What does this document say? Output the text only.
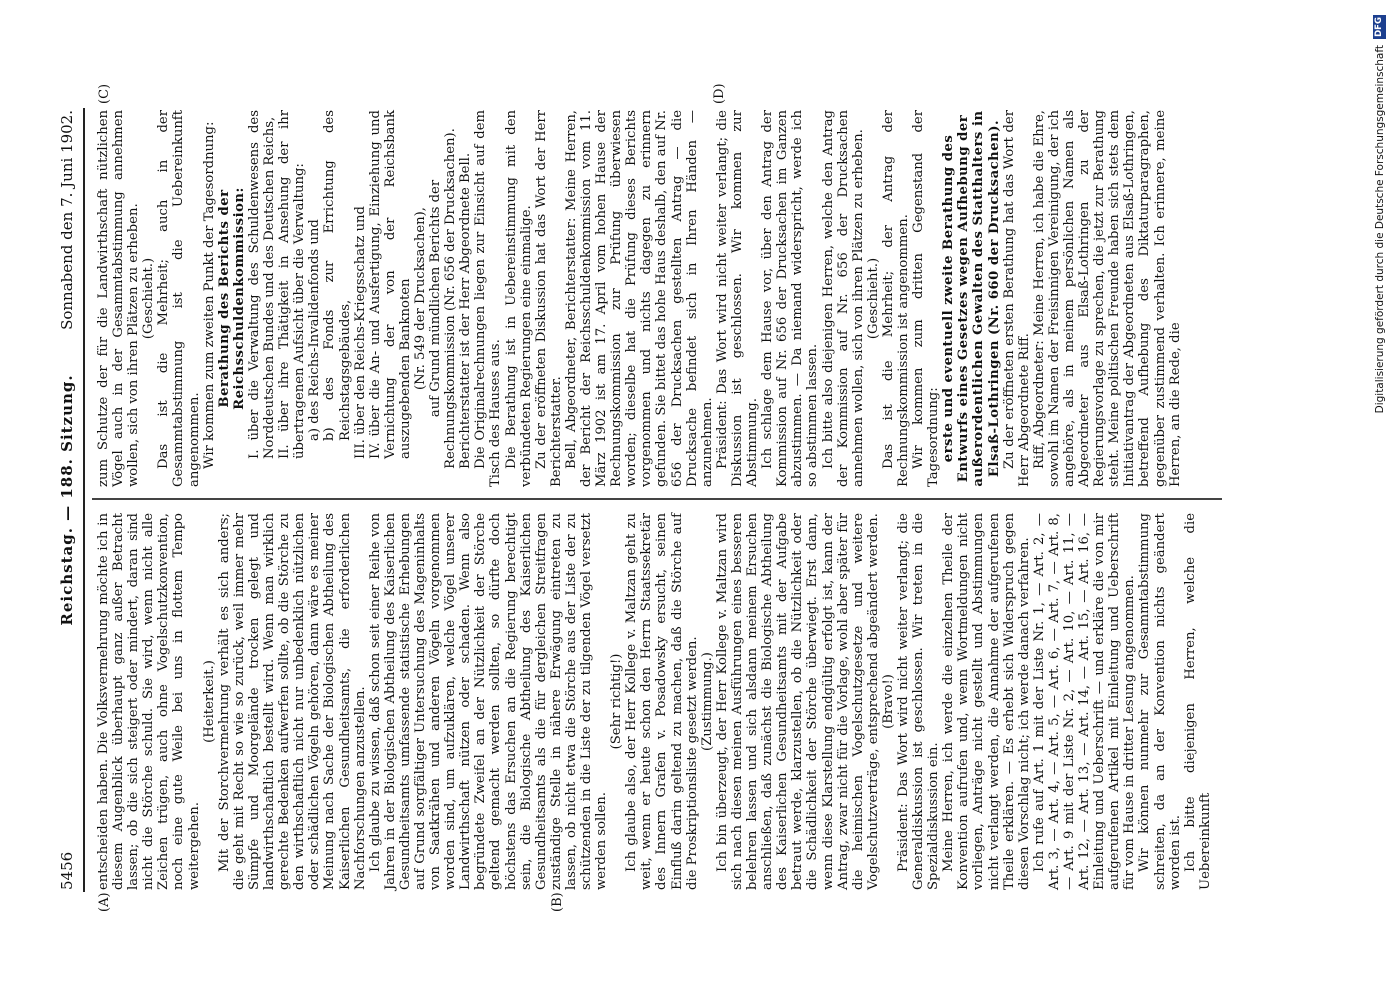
5456
Reichstag. — 188. Sitzung.
Sonnabend den 7. Juni 1902.
(A)	(B)
(C)	(D)

entscheiden haben. Die Volksvermehrung möchte ich in diesem Augenblick überhaupt ganz außer Betracht lassen; ob die sich steigert oder mindert, daran sind nicht die Störche schuld. Sie wird, wenn nicht alle Zeichen trügen, auch ohne Vogelschutzkonvention, noch eine gute Weile bei uns in flottem Tempo weitergehen.

(Heiterkeit.) Mit der Storchvermehrung verhält es sich anders; die geht mit Recht so wie so zurück, weil immer mehr Sümpfe und Moorgelände trocken gelegt und landwirthschaftlich bestellt wird. Wenn man wirklich gerechte Bedenken aufwerfen sollte, ob die Störche zu den wirthschaftlich nicht nur unbedenklich nützlichen oder schädlichen Vögeln gehören, dann wäre es meiner Meinung nach Sache der Biologischen Abtheilung des Kaiserlichen Gesundheitsamts, die erforderlichen Nachforschungen anzustellen. Ich glaube zu wissen, daß schon seit einer Reihe von Jahren in der Biologischen Abtheilung des Kaiserlichen Gesundheitsamts umfassende statistische Erhebungen auf Grund sorgfältiger Untersuchung des Mageninhalts von Saatkrähen und anderen Vögeln vorgenommen worden sind, um aufzuklären, welche Vögel unserer Landwirthschaft nützen oder schaden. Wenn also begründete Zweifel an der Nützlichkeit der Störche geltend gemacht werden sollten, so dürfte doch höchstens das Ersuchen an die Regierung berechtigt sein, die Biologische Abtheilung des Kaiserlichen Gesundheitsamts als die für dergleichen Streitfragen zuständige Stelle in nähere Erwägung eintreten zu lassen, ob nicht etwa die Störche aus der Liste der zu schützenden in die Liste der zu tilgenden Vögel versetzt werden sollen.

(Sehr richtig!) Ich glaube also, der Herr Kollege v. Maltzan geht zu weit, wenn er heute schon den Herrn Staatssekretär des Innern Grafen v. Posadowsky ersucht, seinen Einfluß darin geltend zu machen, daß die Störche auf die Proskriptionsliste gesetzt werden. (Zustimmung.) Ich bin überzeugt, der Herr Kollege v. Maltzan wird sich nach diesen meinen Ausführungen eines besseren belehren lassen und sich alsdann meinem Ersuchen anschließen, daß zunächst die Biologische Abtheilung des Kaiserlichen Gesundheitsamts mit der Aufgabe betraut werde, klarzustellen, ob die Nützlichkeit oder die Schädlichkeit der Störche überwiegt. Erst dann, wenn diese Klarstellung endgültig erfolgt ist, kann der Antrag, zwar nicht für die Vorlage, wohl aber später für die heimischen Vogelschutzgesetze und weitere Vogelschutzverträge, entsprechend abgeändert werden. (Bravo!) Präsident: Das Wort wird nicht weiter verlangt; die Generaldiskussion ist geschlossen. Wir treten in die Spezialdiskussion ein. Meine Herren, ich werde die einzelnen Theile der Konvention aufrufen und, wenn Wortmeldungen nicht vorliegen, Anträge nicht gestellt und Abstimmungen nicht verlangt werden, die Annahme der aufgerufenen Theile erklären. — Es erhebt sich Widerspruch gegen diesen Vorschlag nicht; ich werde danach verfahren. Ich rufe auf Art. 1 mit der Liste Nr. 1, — Art. 2, — Art. 3, — Art. 4, — Art. 5, — Art. 6, — Art. 7, — Art. 8, — Art. 9 mit der Liste Nr. 2, — Art. 10, — Art. 11, — Art. 12, — Art. 13, — Art. 14, — Art. 15, — Art. 16, — Einleitung und Ueberschrift — und erkläre die von mir aufgerufenen Artikel mit Einleitung und Ueberschrift für vom Hause in dritter Lesung angenommen. Wir können nunmehr zur Gesammtabstimmung schreiten, da an der Konvention nichts geändert worden ist. Ich bitte diejenigen Herren, welche die Uebereinkunft

zum Schutze der für die Landwirthschaft nützlichen Vögel auch in der Gesammtabstimmung annehmen wollen, sich von ihren Plätzen zu erheben. (Geschieht.) Das ist die Mehrheit; auch in der Gesammtabstimmung ist die Uebereinkunft angenommen. Wir kommen zum zweiten Punkt der Tagesordnung: Berathung des Berichts der Reichsschuldenkommission: I. über die Verwaltung des Schuldenwesens des Norddeutschen Bundes und des Deutschen Reichs, II. über ihre Thätigkeit in Ansehung der ihr übertragenen Aufsicht über die Verwaltung: a) des Reichs-Invalidenfonds und b) des Fonds zur Errichtung des Reichstagsgebäudes, III. über den Reichs-Kriegsschatz und IV. über die An- und Ausfertigung, Einziehung und Vernichtung der von der Reichsbank auszugebenden Banknoten (Nr. 549 der Drucksachen), auf Grund mündlichen Berichts der Rechnungskommission (Nr. 656 der Drucksachen). Berichterstatter ist der Herr Abgeordnete Bell. Die Originalrechnungen liegen zur Einsicht auf dem Tisch des Hauses aus. Die Berathung ist in Uebereinstimmung mit den verbündeten Regierungen eine einmalige. Zu der eröffneten Diskussion hat das Wort der Herr Berichterstatter. Bell, Abgeordneter, Berichterstatter: Meine Herren, der Bericht der Reichsschuldenkommission vom 11. März 1902 ist am 17. April vom hohen Hause der Rechnungskommission zur Prüfung überwiesen worden; dieselbe hat die Prüfung dieses Berichts vorgenommen und nichts dagegen zu erinnern gefunden. Sie bittet das hohe Haus deshalb, den auf Nr. 656 der Drucksachen gestellten Antrag — die Drucksache befindet sich in Ihren Händen — anzunehmen. Präsident: Das Wort wird nicht weiter verlangt; die Diskussion ist geschlossen. Wir kommen zur Abstimmung. Ich schlage dem Hause vor, über den Antrag der Kommission auf Nr. 656 der Drucksachen im Ganzen abzustimmen. — Da niemand widerspricht, werde ich so abstimmen lassen. Ich bitte also diejenigen Herren, welche den Antrag der Kommission auf Nr. 656 der Drucksachen annehmen wollen, sich von ihren Plätzen zu erheben. (Geschieht.) Das ist die Mehrheit; der Antrag der Rechnungskommission ist angenommen. Wir kommen zum dritten Gegenstand der Tagesordnung: erste und eventuell zweite Berathung des Entwurfs eines Gesetzes wegen Aufhebung der außerordentlichen Gewalten des Statthalters in Elsaß-Lothringen (Nr. 660 der Drucksachen). Zu der eröffneten ersten Berathung hat das Wort der Herr Abgeordnete Riff. Riff, Abgeordneter: Meine Herren, ich habe die Ehre, sowohl im Namen der Freisinnigen Vereinigung, der ich angehöre, als in meinem persönlichen Namen als Abgeordneter aus Elsaß-Lothringen zu der Regierungsvorlage zu sprechen, die jetzt zur Berathung steht. Meine politischen Freunde haben sich stets dem Initiativantrag der Abgeordneten aus Elsaß-Lothringen, betreffend Aufhebung des Diktaturparagraphen, gegenüber zustimmend verhalten. Ich erinnere, meine Herren, an die Rede, die	Digitalisierung gefördert durch die Deutsche Forschungsgemeinschaft
DFG
